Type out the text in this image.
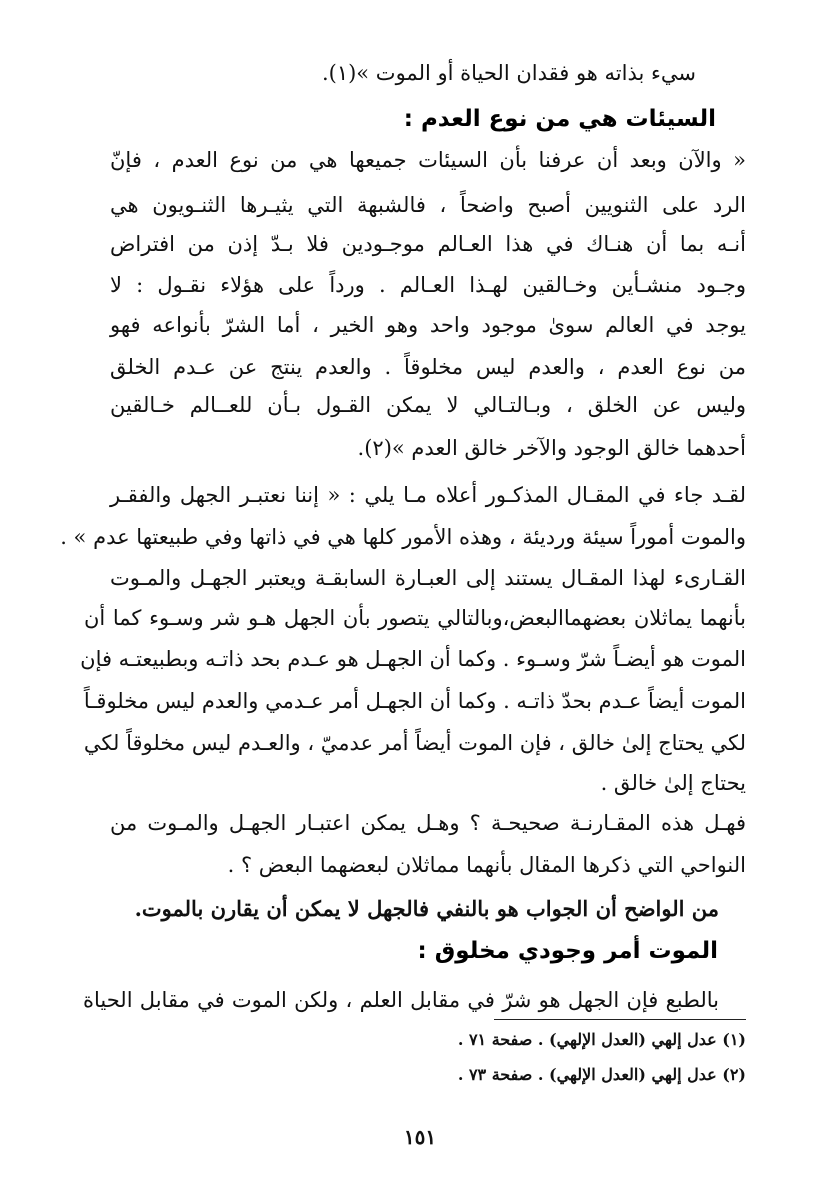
سيء بذاته هو فقدان الحياة أو الموت »(١).
السيئات هي من نوع العدم :
« والآن وبعد أن عرفنا بأن السيئات جميعها هي من نوع العدم ، فإنّ
الرد على الثنويين أصبح واضحاً ، فالشبهة التي يثيـرها الثنـويون هي
أنـه بما أن هنـاك في هذا العـالم موجـودين فلا بـدّ إذن من افتراض
وجـود منشـأين وخـالقين لهـذا العـالم . ورداً على هؤلاء نقـول : لا
يوجد في العالم سوىٰ موجود واحد وهو الخير ، أما الشرّ بأنواعه فهو
من نوع العدم ، والعدم ليس مخلوقاً . والعدم ينتج عن عـدم الخلق
وليس عن الخلق ، وبـالتـالي لا يمكن القـول بـأن للعــالم خـالقين
أحدهما خالق الوجود والآخر خالق العدم »(٢).
لقـد جاء في المقـال المذكـور أعلاه مـا يلي : « إننا نعتبـر الجهل والفقـر
والموت أموراً سيئة ورديئة ، وهذه الأمور كلها هي في ذاتها وفي طبيعتها عدم » .
القـارىء لهذا المقـال يستند إلى العبـارة السابقـة ويعتبر الجهـل والمـوت
بأنهما يماثلان بعضهماالبعض،وبالتالي يتصور بأن الجهل هـو شر وسـوء كما أن
الموت هو أيضـاً شرّ وسـوء . وكما أن الجهـل هو عـدم بحد ذاتـه وبطبيعتـه فإن
الموت أيضاً عـدم بحدّ ذاتـه . وكما أن الجهـل أمر عـدمي والعدم ليس مخلوقـاً
لكي يحتاج إلىٰ خالق ، فإن الموت أيضاً أمر عدميّ ، والعـدم ليس مخلوقاً لكي
يحتاج إلىٰ خالق .
فهـل هذه المقـارنـة صحيحـة ؟ وهـل يمكن اعتبـار الجهـل والمـوت من
النواحي التي ذكرها المقال بأنهما مماثلان لبعضهما البعض ؟ .
من الواضح أن الجواب هو بالنفي فالجهل لا يمكن أن يقارن بالموت.
الموت أمر وجودي مخلوق :
بالطبع فإن الجهل هو شرّ في مقابل العلم ، ولكن الموت في مقابل الحياة
(١) عدل إلهي (العدل الإلهي) . صفحة ٧١ .
(٢) عدل إلهي (العدل الإلهي) . صفحة ٧٣ .
١٥١
